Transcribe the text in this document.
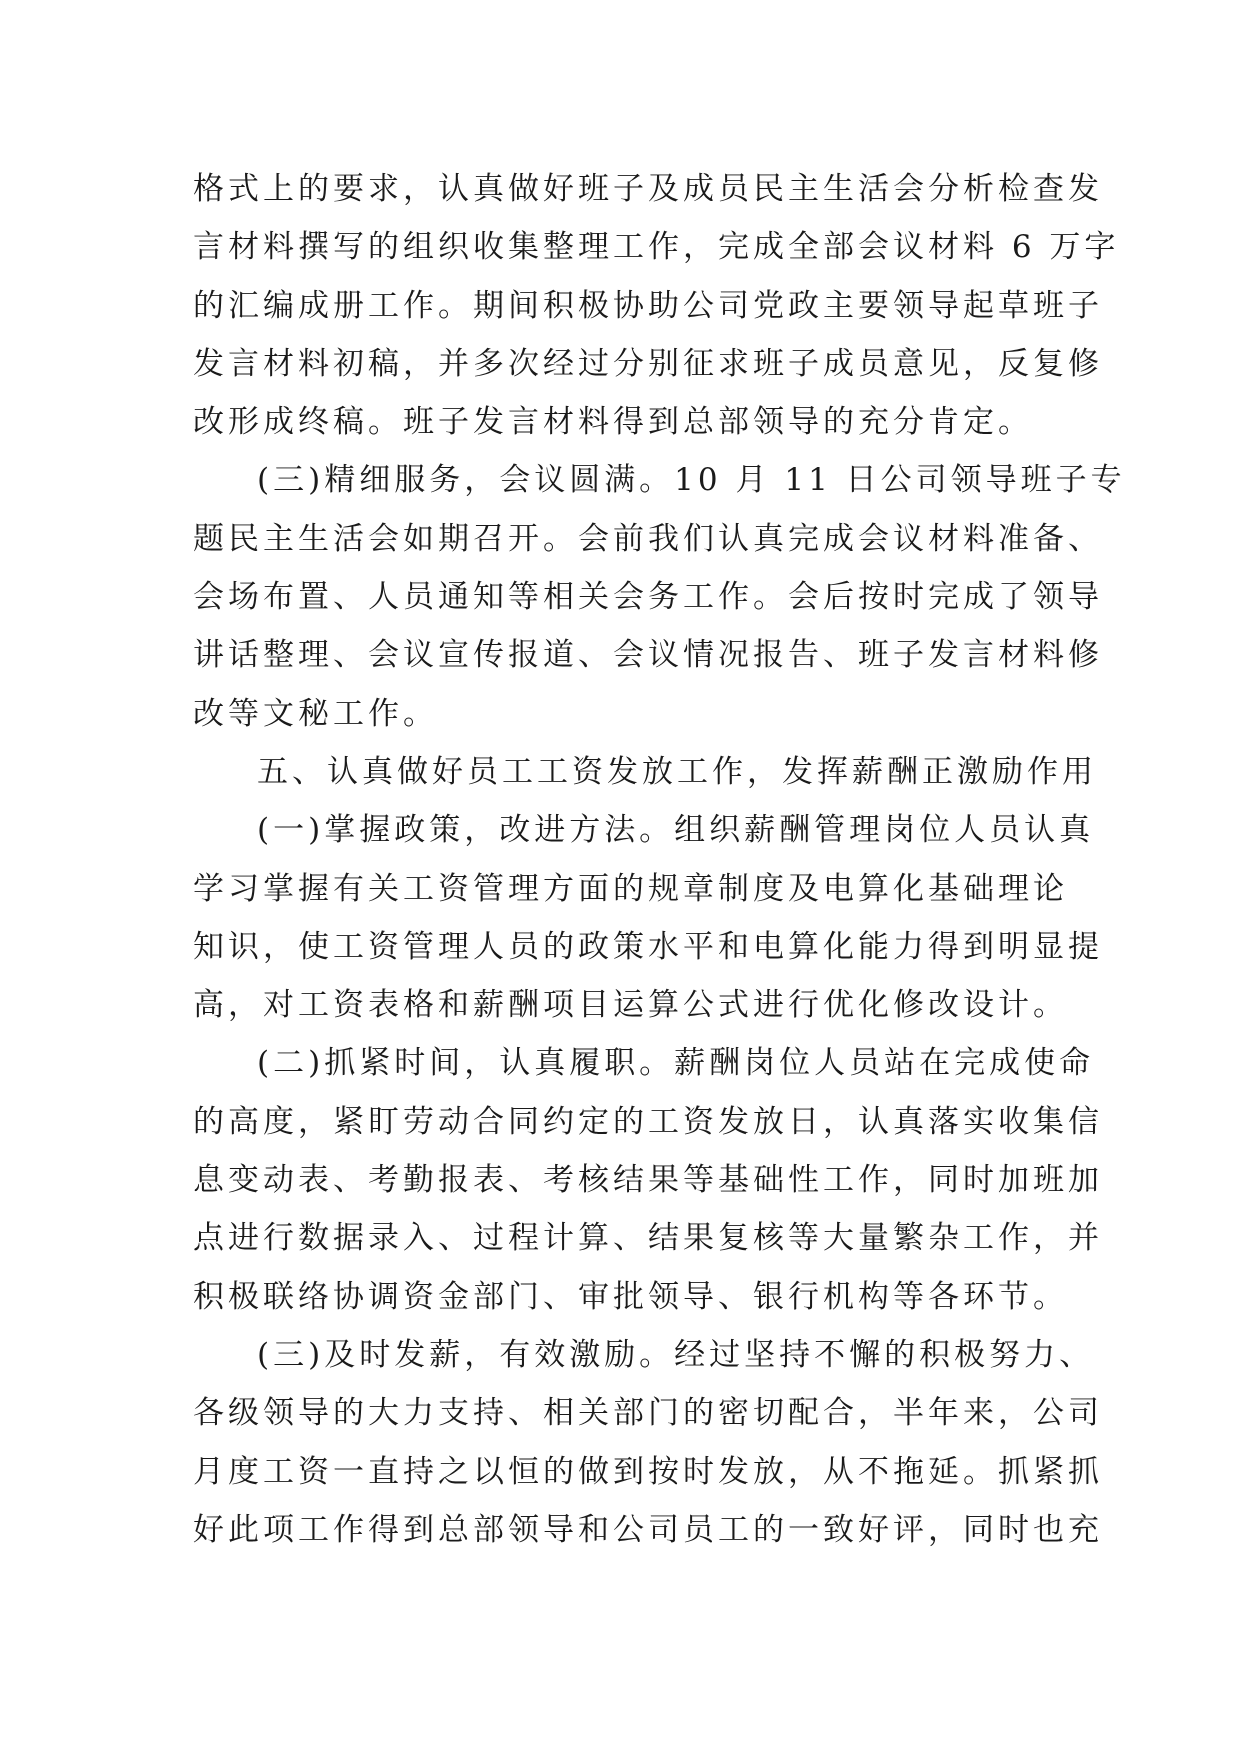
格式上的要求，认真做好班子及成员民主生活会分析检查发
言材料撰写的组织收集整理工作，完成全部会议材料 6 万字
的汇编成册工作。期间积极协助公司党政主要领导起草班子
发言材料初稿，并多次经过分别征求班子成员意见，反复修
改形成终稿。班子发言材料得到总部领导的充分肯定。
(三)精细服务，会议圆满。10 月 11 日公司领导班子专
题民主生活会如期召开。会前我们认真完成会议材料准备、
会场布置、人员通知等相关会务工作。会后按时完成了领导
讲话整理、会议宣传报道、会议情况报告、班子发言材料修
改等文秘工作。
五、认真做好员工工资发放工作，发挥薪酬正激励作用
(一)掌握政策，改进方法。组织薪酬管理岗位人员认真
学习掌握有关工资管理方面的规章制度及电算化基础理论
知识，使工资管理人员的政策水平和电算化能力得到明显提
高，对工资表格和薪酬项目运算公式进行优化修改设计。
(二)抓紧时间，认真履职。薪酬岗位人员站在完成使命
的高度，紧盯劳动合同约定的工资发放日，认真落实收集信
息变动表、考勤报表、考核结果等基础性工作，同时加班加
点进行数据录入、过程计算、结果复核等大量繁杂工作，并
积极联络协调资金部门、审批领导、银行机构等各环节。
(三)及时发薪，有效激励。经过坚持不懈的积极努力、
各级领导的大力支持、相关部门的密切配合，半年来，公司
月度工资一直持之以恒的做到按时发放，从不拖延。抓紧抓
好此项工作得到总部领导和公司员工的一致好评，同时也充
